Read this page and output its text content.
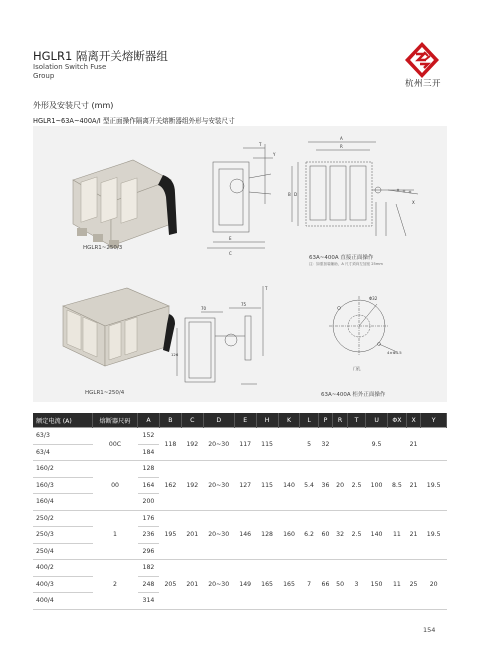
HGLR1 隔离开关熔断器组
Isolation Switch Fuse
Group
杭州三开
外形及安装尺寸 (mm)
HGLR1~63A~400A/I 型正面操作隔离开关熔断器组外形与安装尺寸
HGLR1~250/3
T
Y
E
C
A
R
B D
X
63A~400A 直接正面操作
注：如需加装辅助，A 尺寸须向左加宽 25mm
HGLR1~250/4
70
75
126
T
Φ32
4×Φ4.5
门孔
63A~400A 柜外正面操作
额定电流 (A)	熔断器尺码	A	B	C	D	E	H	K	L	P	R	T	U	ΦX	X	Y
63/3	00C	152	118	192	20~30	117	115		5	32			9.5		21	
63/4		184														
160/2	00	128	162	192	20~30	127	115	140	5.4	36	20	2.5	100	8.5	21	19.5
160/3		164														
160/4		200														
250/2	1	176	195	201	20~30	146	128	160	6.2	60	32	2.5	140	11	21	19.5
250/3		236														
250/4		296														
400/2	2	182	205	201	20~30	149	165	165	7	66	50	3	150	11	25	20
400/3		248														
400/4		314														
154
